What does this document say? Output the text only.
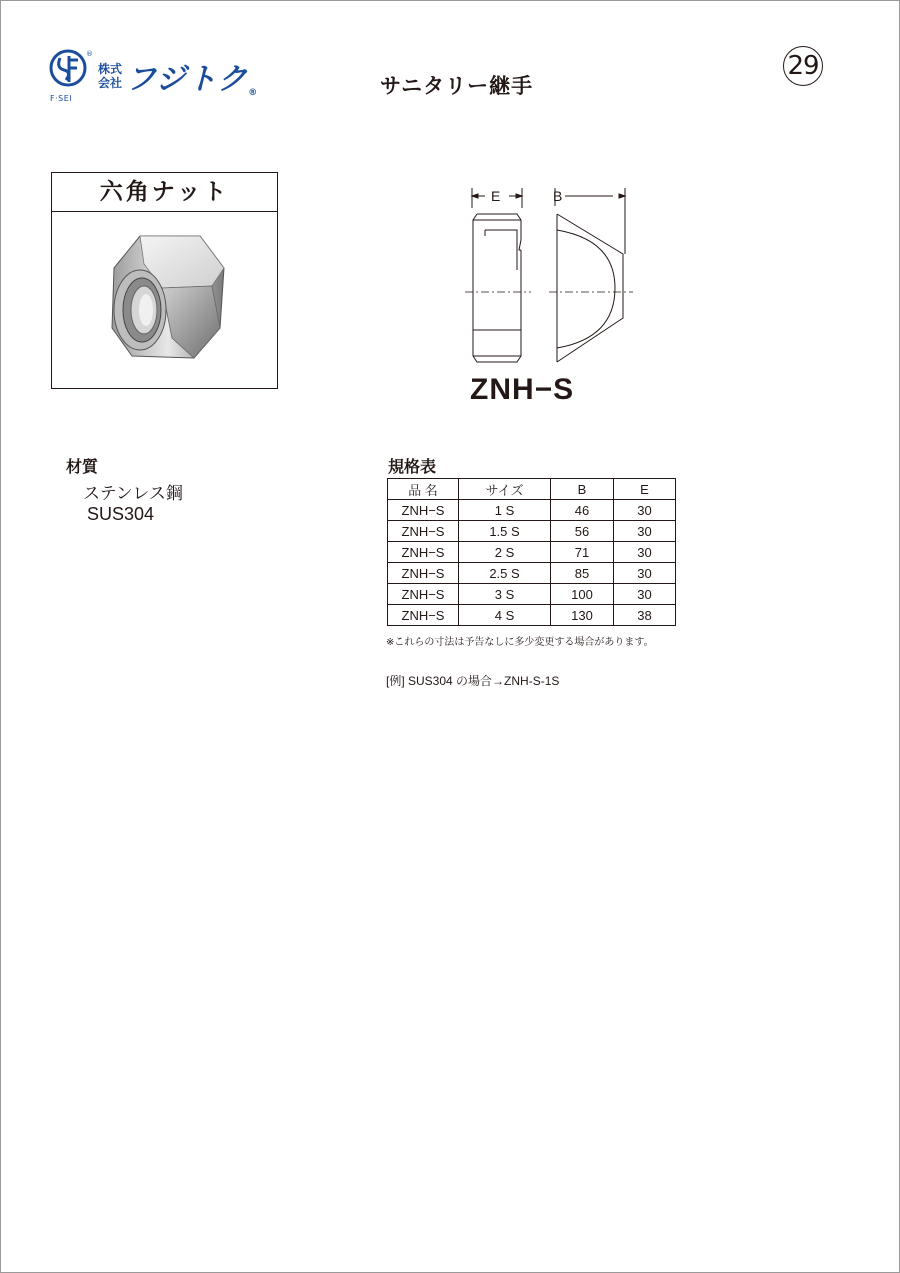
®
F·SEI
株式会社 フジトク®	サニタリー継手
29
六角ナット	E	B
ZNH−S
材質
ステンレス鋼
SUS304
規格表
品 名	サイズ	B	E
ZNH−S	1 S	46	30
ZNH−S	1.5 S	56	30
ZNH−S	2 S	71	30
ZNH−S	2.5 S	85	30
ZNH−S	3 S	100	30
ZNH−S	4 S	130	38
※これらの寸法は予告なしに多少変更する場合があります。
[例] SUS304 の場合→ZNH-S-1S
